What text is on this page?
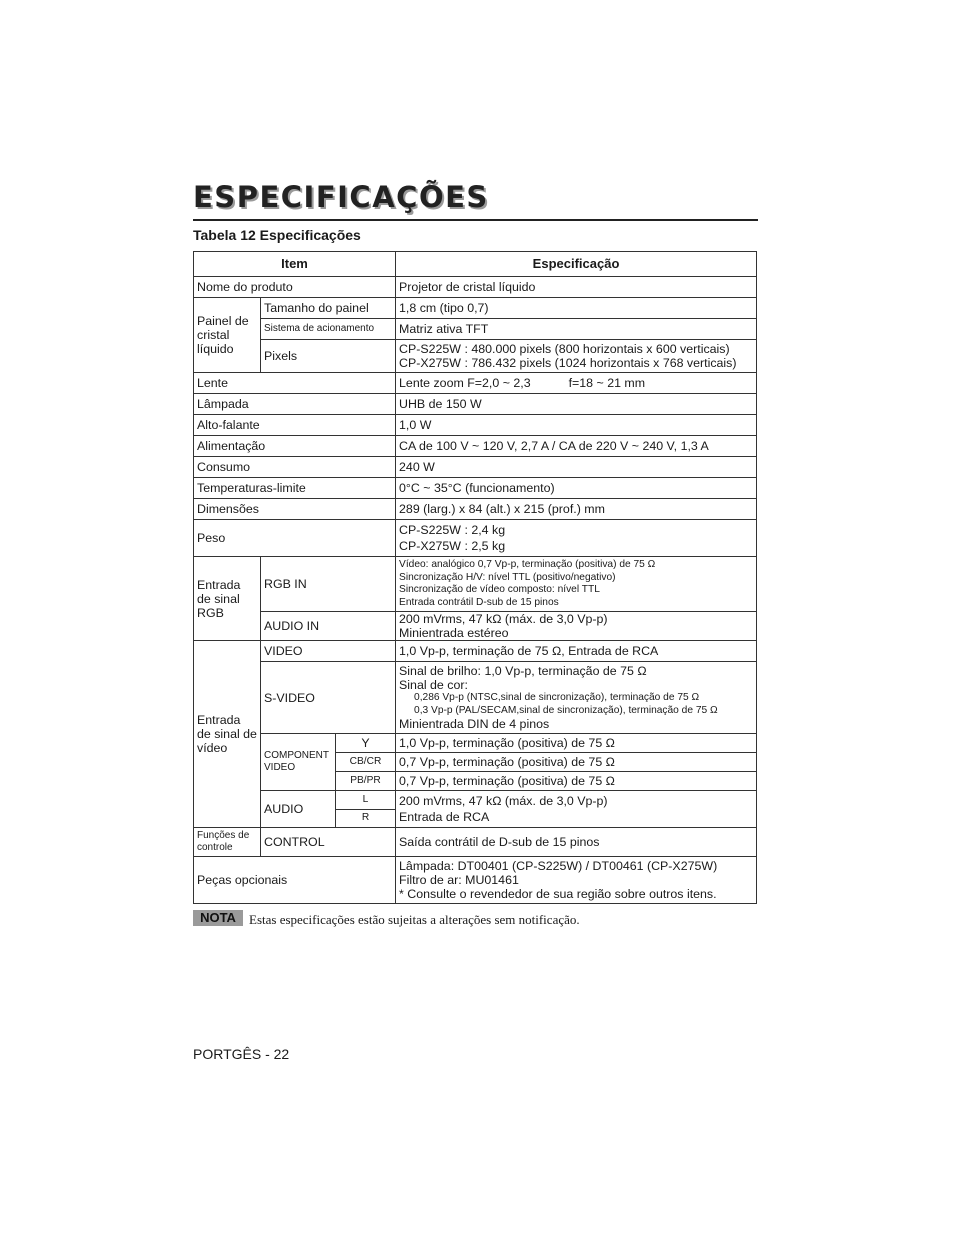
ESPECIFICAÇÕES
Tabela 12 Especificações
Item			Especificação
Nome do produto			Projetor de cristal líquido
Painel de cristal líquido	Tamanho do painel		1,8 cm (tipo 0,7)
	Sistema de acionamento		Matriz ativa TFT
	Pixels		CP-S225W : 480.000 pixels (800 horizontais x 600 verticais)
CP-X275W : 786.432 pixels (1024 horizontais x 768 verticais)

Lente			Lente zoom F=2,0 ~ 2,3 f=18 ~ 21 mm
Lâmpada			UHB de 150 W
Alto-falante			1,0 W
Alimentação			CA de 100 V ~ 120 V, 2,7 A / CA de 220 V ~ 240 V, 1,3 A
Consumo			240 W
Temperaturas-limite			0°C ~ 35°C (funcionamento)
Dimensões			289 (larg.) x 84 (alt.) x 215 (prof.) mm
Peso			CP-S225W : 2,4 kg
CP-X275W : 2,5 kg

Entrada de sinal RGB	RGB IN		Vídeo: analógico 0,7 Vp-p, terminação (positiva) de 75 Ω
Sincronização H/V: nível TTL (positivo/negativo)
Sincronização de vídeo composto: nível TTL
Entrada contrátil D-sub de 15 pinos

	AUDIO IN		200 mVrms, 47 kΩ (máx. de 3,0 Vp-p)
Minientrada estéreo

Entrada de sinal de vídeo	VIDEO		1,0 Vp-p, terminação de 75 Ω, Entrada de RCA
	S-VIDEO		Sinal de brilho: 1,0 Vp-p, terminação de 75 Ω
Sinal de cor:
0,286 Vp-p (NTSC,sinal de sincronização), terminação de 75 Ω
0,3 Vp-p (PAL/SECAM,sinal de sincronização), terminação de 75 Ω
Minientrada DIN de 4 pinos

	COMPONENT VIDEO	Y	1,0 Vp-p, terminação (positiva) de 75 Ω
		CB/CR	0,7 Vp-p, terminação (positiva) de 75 Ω
		PB/PR	0,7 Vp-p, terminação (positiva) de 75 Ω
	AUDIO	L	200 mVrms, 47 kΩ (máx. de 3,0 Vp-p)
Entrada de RCA

		R	
Funções de controle	CONTROL		Saída contrátil de D-sub de 15 pinos
Peças opcionais			Lâmpada: DT00401 (CP-S225W) / DT00461 (CP-X275W)
Filtro de ar: MU01461
* Consulte o revendedor de sua região sobre outros itens.
NOTA	Estas especificações estão sujeitas a alterações sem notificação.
PORTGÊS - 22
